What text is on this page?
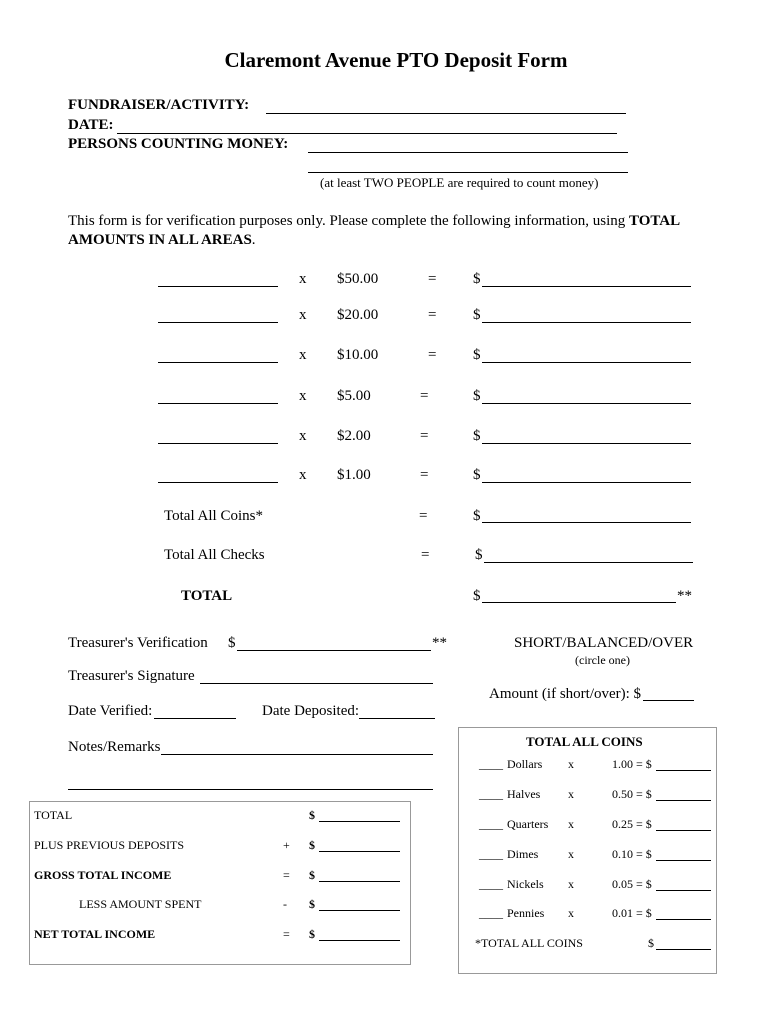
Claremont Avenue PTO Deposit Form
FUNDRAISER/ACTIVITY:
DATE:
PERSONS COUNTING MONEY:
(at least TWO PEOPLE are required to count money)
This form is for verification purposes only. Please complete the following information, using TOTAL AMOUNTS IN ALL AREAS.
x $50.00	= $
x $20.00	= $
x $10.00	= $
x $5.00	=	$
x $2.00	=	$
x $1.00	=	$
Total All Coins*	=	$
Total All Checks	=	$
TOTAL	$	**
Treasurer's Verification $	**
Treasurer's Signature
Date Verified:	Date Deposited:
Notes/Remarks
SHORT/BALANCED/OVER
(circle one)
Amount (if short/over): $
TOTAL	$
PLUS PREVIOUS DEPOSITS	+ $
GROSS TOTAL INCOME	= $
LESS AMOUNT SPENT	- $
NET TOTAL INCOME	= $
TOTAL ALL COINS
____ Dollars x	1.00 = $
____ Halves x	0.50 = $
____ Quarters x	0.25 = $
____ Dimes x	0.10 = $
____ Nickels x	0.05 = $
____ Pennies x	0.01 = $
*TOTAL ALL COINS	$
